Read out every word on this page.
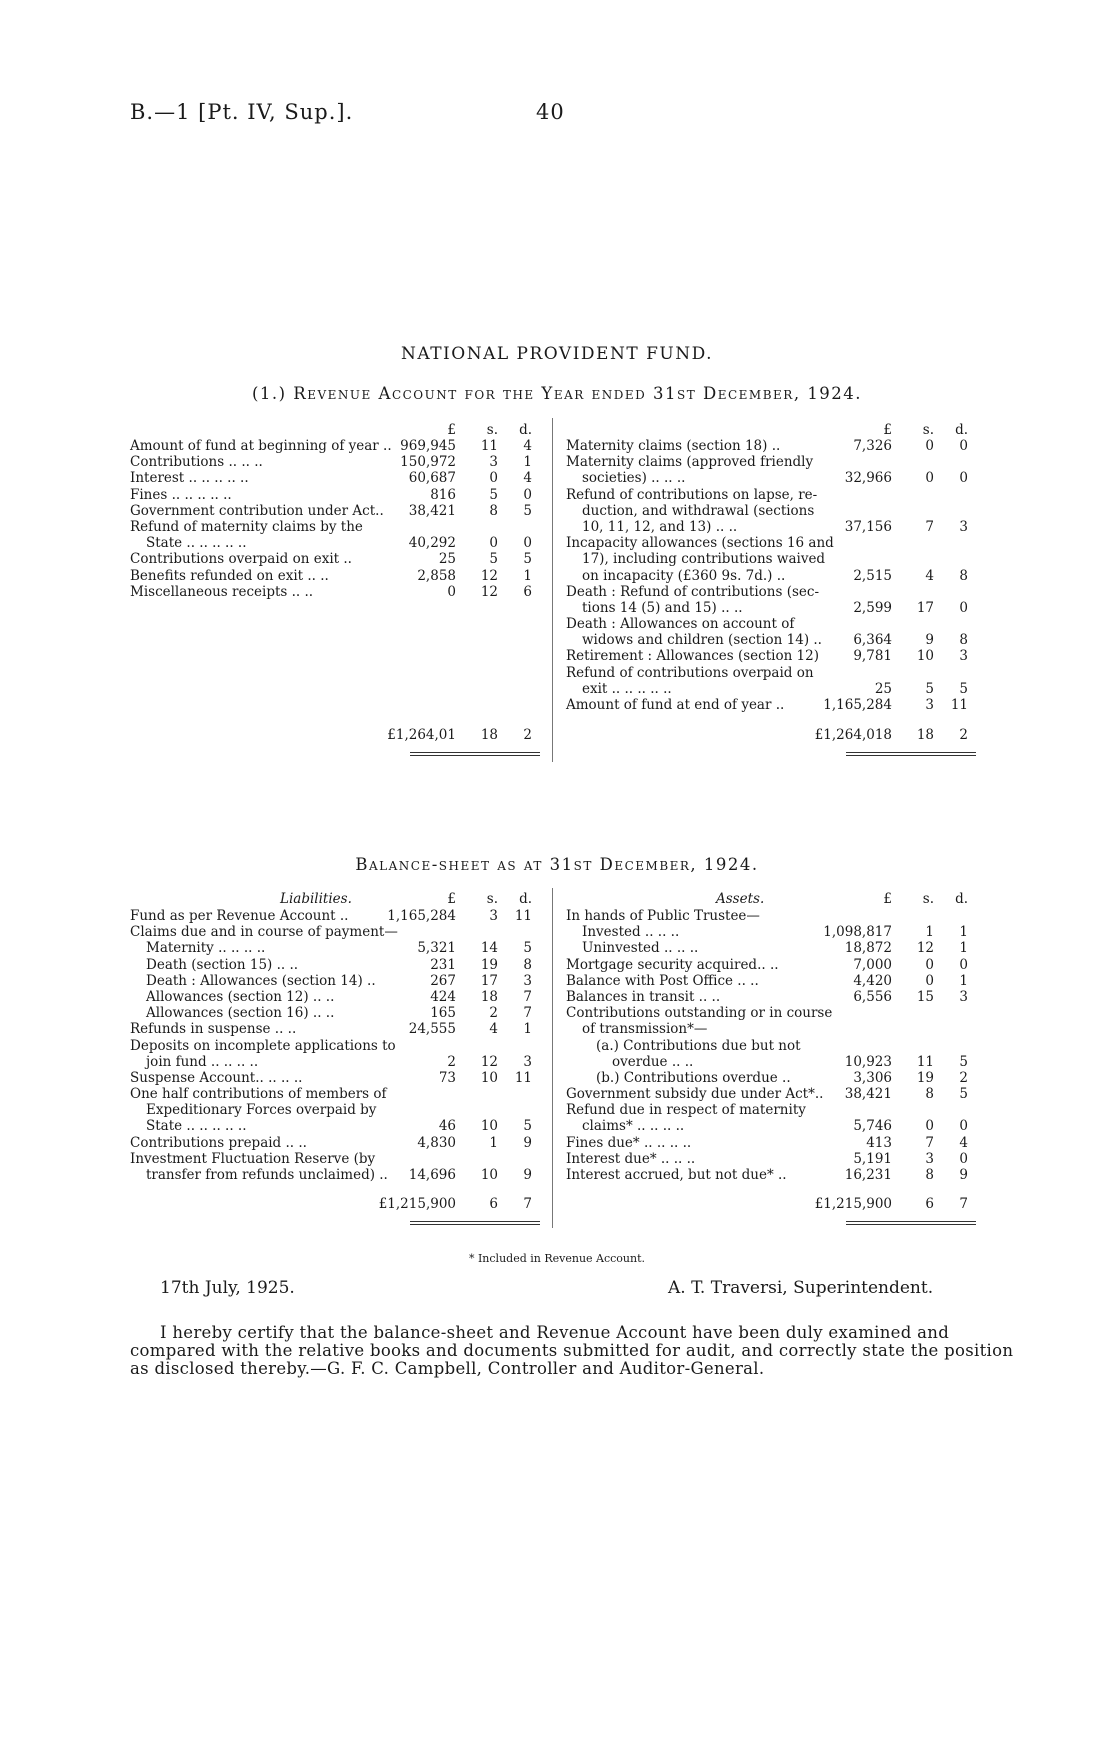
B.—1 [Pt. IV, Sup.].	40
NATIONAL PROVIDENT FUND.
(1.) Revenue Account for the Year ended 31st December, 1924.
£	s.	d.
Amount of fund at beginning of year .. 969,945	11	4
Contributions .. .. ..	150,972	3	1
Interest .. .. .. .. ..	60,687	0	4
Fines .. .. .. .. ..	816	5	0
Government contribution under Act..	38,421	8	5
Refund of maternity claims by the
State .. .. .. .. ..	40,292	0	0
Contributions overpaid on exit ..	25	5	5
Benefits refunded on exit .. ..	2,858	12	1
Miscellaneous receipts .. ..	0	12	6
£1,264,01	18	2
£	s.	d.
Maternity claims (section 18) ..	7,326	0	0
Maternity claims (approved friendly
societies) .. .. ..	32,966	0	0
Refund of contributions on lapse, re-
duction, and withdrawal (sections
10, 11, 12, and 13) .. ..	37,156	7	3
Incapacity allowances (sections 16 and
17), including contributions waived
on incapacity (£360 9s. 7d.) ..	2,515	4	8
Death : Refund of contributions (sec-
tions 14 (5) and 15) .. ..	2,599	17	0
Death : Allowances on account of
widows and children (section 14) ..	6,364	9	8
Retirement : Allowances (section 12)	9,781	10	3
Refund of contributions overpaid on
exit .. .. .. .. ..	25	5	5
Amount of fund at end of year ..	1,165,284	3	11
£1,264,018	18	2
Balance-sheet as at 31st December, 1924.
Liabilities.	£	s.	d.
Fund as per Revenue Account ..	1,165,284	3	11
Claims due and in course of payment—
Maternity .. .. .. ..	5,321	14	5
Death (section 15) .. ..	231	19	8
Death : Allowances (section 14) ..	267	17	3
Allowances (section 12) .. ..	424	18	7
Allowances (section 16) .. ..	165	2	7
Refunds in suspense .. ..	24,555	4	1
Deposits on incomplete applications to
join fund .. .. .. ..	2	12	3
Suspense Account.. .. .. ..	73	10	11
One half contributions of members of
Expeditionary Forces overpaid by
State .. .. .. .. ..	46	10	5
Contributions prepaid .. ..	4,830	1	9
Investment Fluctuation Reserve (by
transfer from refunds unclaimed) ..	14,696	10	9
£1,215,900	6	7
Assets.	£	s.	d.
In hands of Public Trustee—
Invested .. .. ..	1,098,817	1	1
Uninvested .. .. ..	18,872	12	1
Mortgage security acquired.. ..	7,000	0	0
Balance with Post Office .. ..	4,420	0	1
Balances in transit .. ..	6,556	15	3
Contributions outstanding or in course
of transmission*—
(a.) Contributions due but not
overdue .. ..	10,923	11	5
(b.) Contributions overdue ..	3,306	19	2
Government subsidy due under Act*..	38,421	8	5
Refund due in respect of maternity
claims* .. .. .. ..	5,746	0	0
Fines due* .. .. .. ..	413	7	4
Interest due* .. .. ..	5,191	3	0
Interest accrued, but not due* ..	16,231	8	9
£1,215,900	6	7
* Included in Revenue Account.
17th July, 1925.	A. T. Traversi, Superintendent.
I hereby certify that the balance-sheet and Revenue Account have been duly examined and
compared with the relative books and documents submitted for audit, and correctly state the position
as disclosed thereby.—G. F. C. Campbell, Controller and Auditor-General.
